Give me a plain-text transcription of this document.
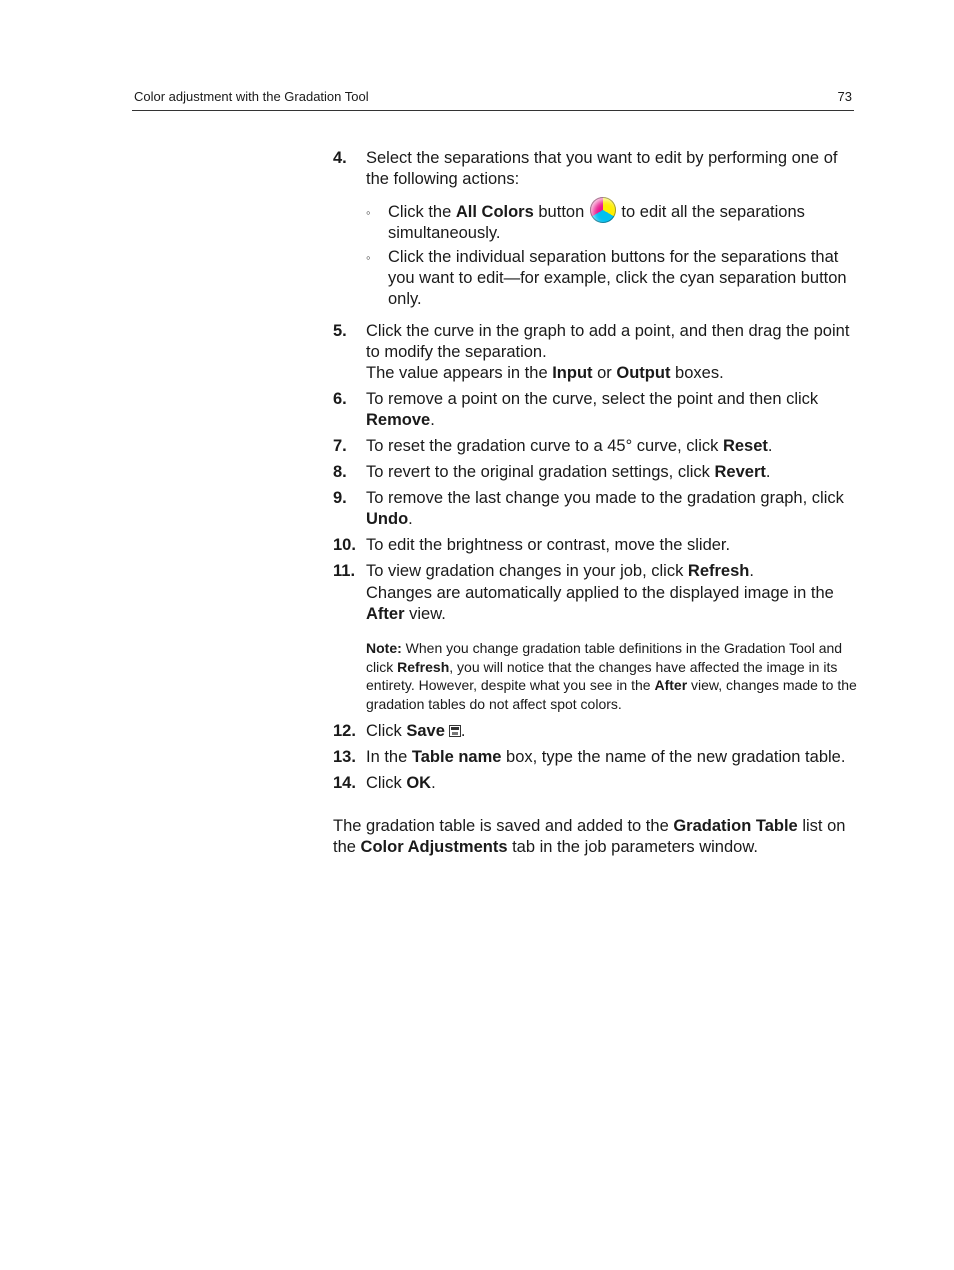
Color adjustment with the Gradation Tool	73
4. Select the separations that you want to edit by performing one of the following actions:
◦ Click the All Colors button  to edit all the separations simultaneously.
◦ Click the individual separation buttons for the separations that you want to edit—for example, click the cyan separation button only.
5. Click the curve in the graph to add a point, and then drag the point to modify the separation.
The value appears in the Input or Output boxes.
6. To remove a point on the curve, select the point and then click Remove.
7. To reset the gradation curve to a 45° curve, click Reset.
8. To revert to the original gradation settings, click Revert.
9. To remove the last change you made to the gradation graph, click Undo.
10. To edit the brightness or contrast, move the slider.
11. To view gradation changes in your job, click Refresh.
Changes are automatically applied to the displayed image in the After view.
Note: When you change gradation table definitions in the Gradation Tool and click Refresh, you will notice that the changes have affected the image in its entirety. However, despite what you see in the After view, changes made to the gradation tables do not affect spot colors.
12. Click Save .
13. In the Table name box, type the name of the new gradation table.
14. Click OK.
The gradation table is saved and added to the Gradation Table list on the Color Adjustments tab in the job parameters window.
